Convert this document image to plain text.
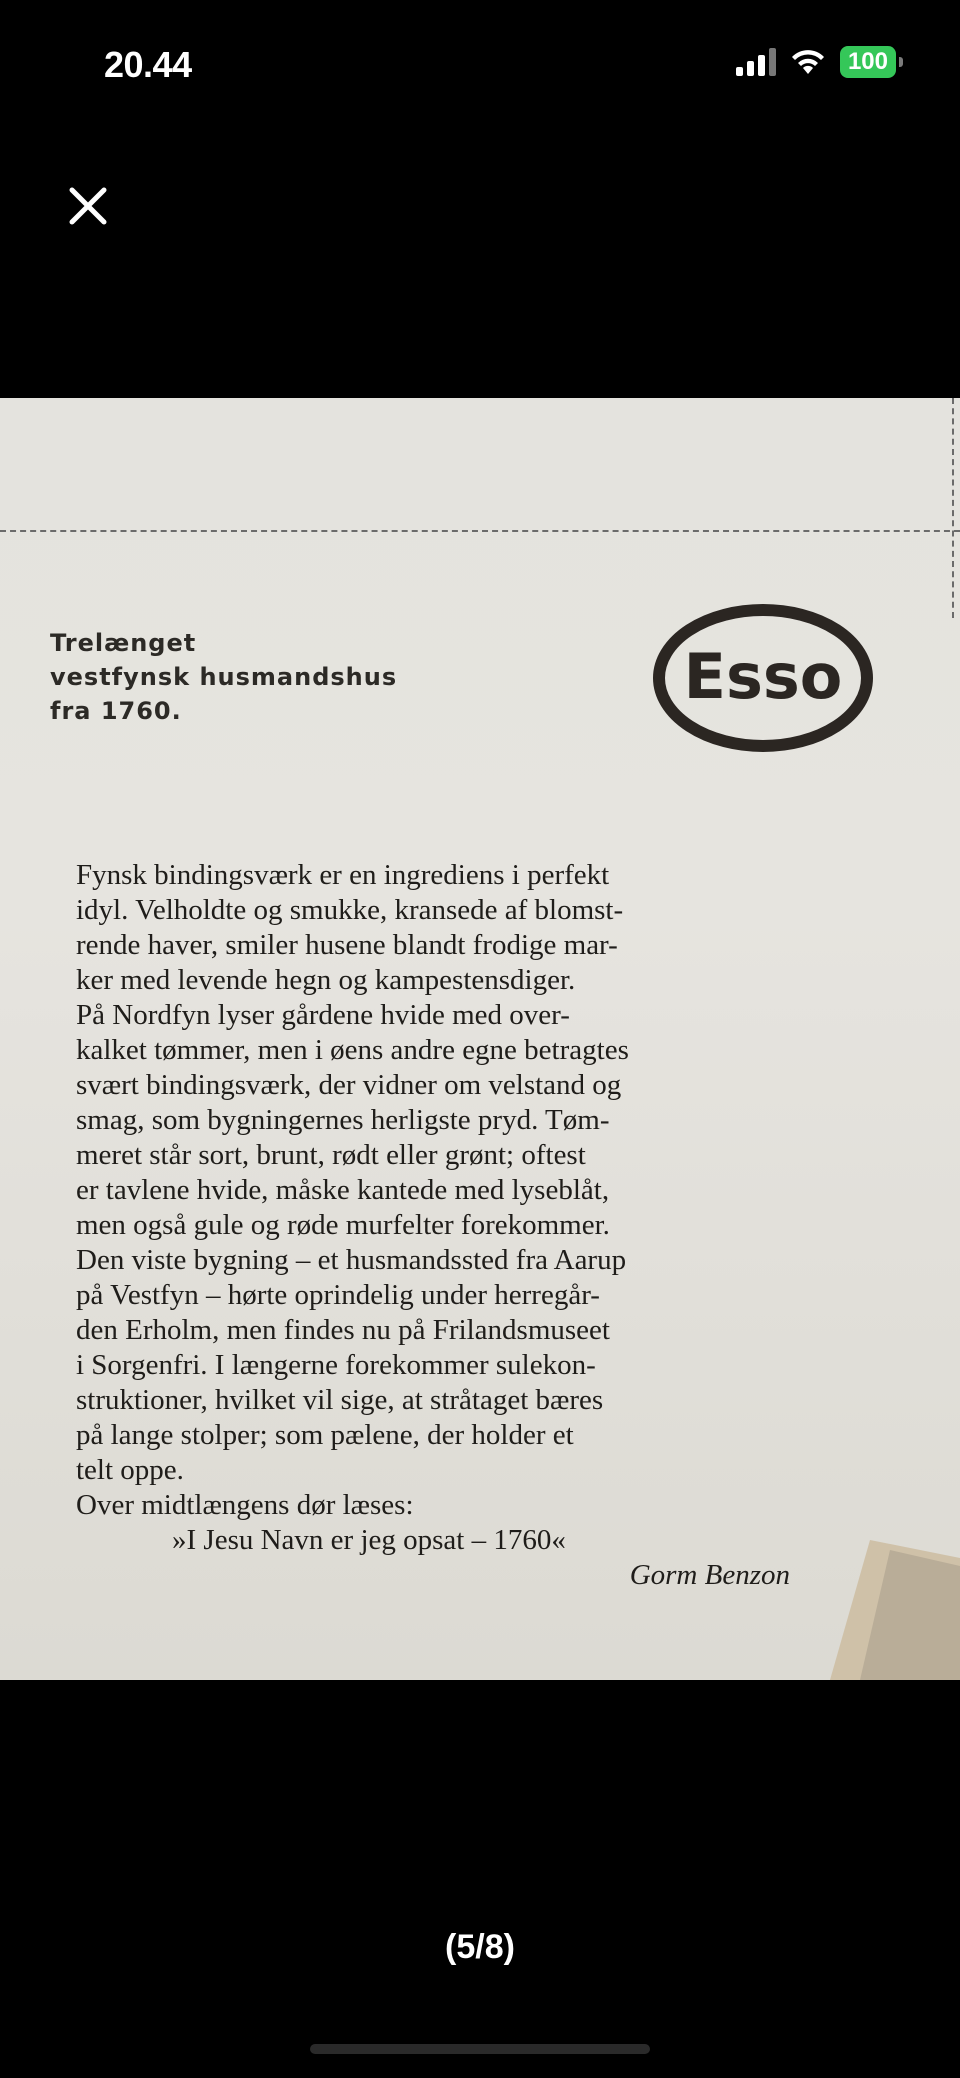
20.44	100
Trelænget
vestfynsk husmandshus
fra 1760.	Esso

Fynsk bindingsværk er en ingrediens i perfekt

idyl. Velholdte og smukke, kransede af blomst-

rende haver, smiler husene blandt frodige mar-

ker med levende hegn og kampestensdiger.

På Nordfyn lyser gårdene hvide med over-

kalket tømmer, men i øens andre egne betragtes

svært bindingsværk, der vidner om velstand og

smag, som bygningernes herligste pryd. Tøm-

meret står sort, brunt, rødt eller grønt; oftest

er tavlene hvide, måske kantede med lyseblåt,

men også gule og røde murfelter forekommer.

Den viste bygning – et husmandssted fra Aarup

på Vestfyn – hørte oprindelig under herregår-

den Erholm, men findes nu på Frilandsmuseet

i Sorgenfri. I længerne forekommer sulekon-

struktioner, hvilket vil sige, at stråtaget bæres

på lange stolper; som pælene, der holder et

telt oppe.

Over midtlængens dør læses:

»I Jesu Navn er jeg opsat – 1760«

Gorm Benzon

(5/8)
